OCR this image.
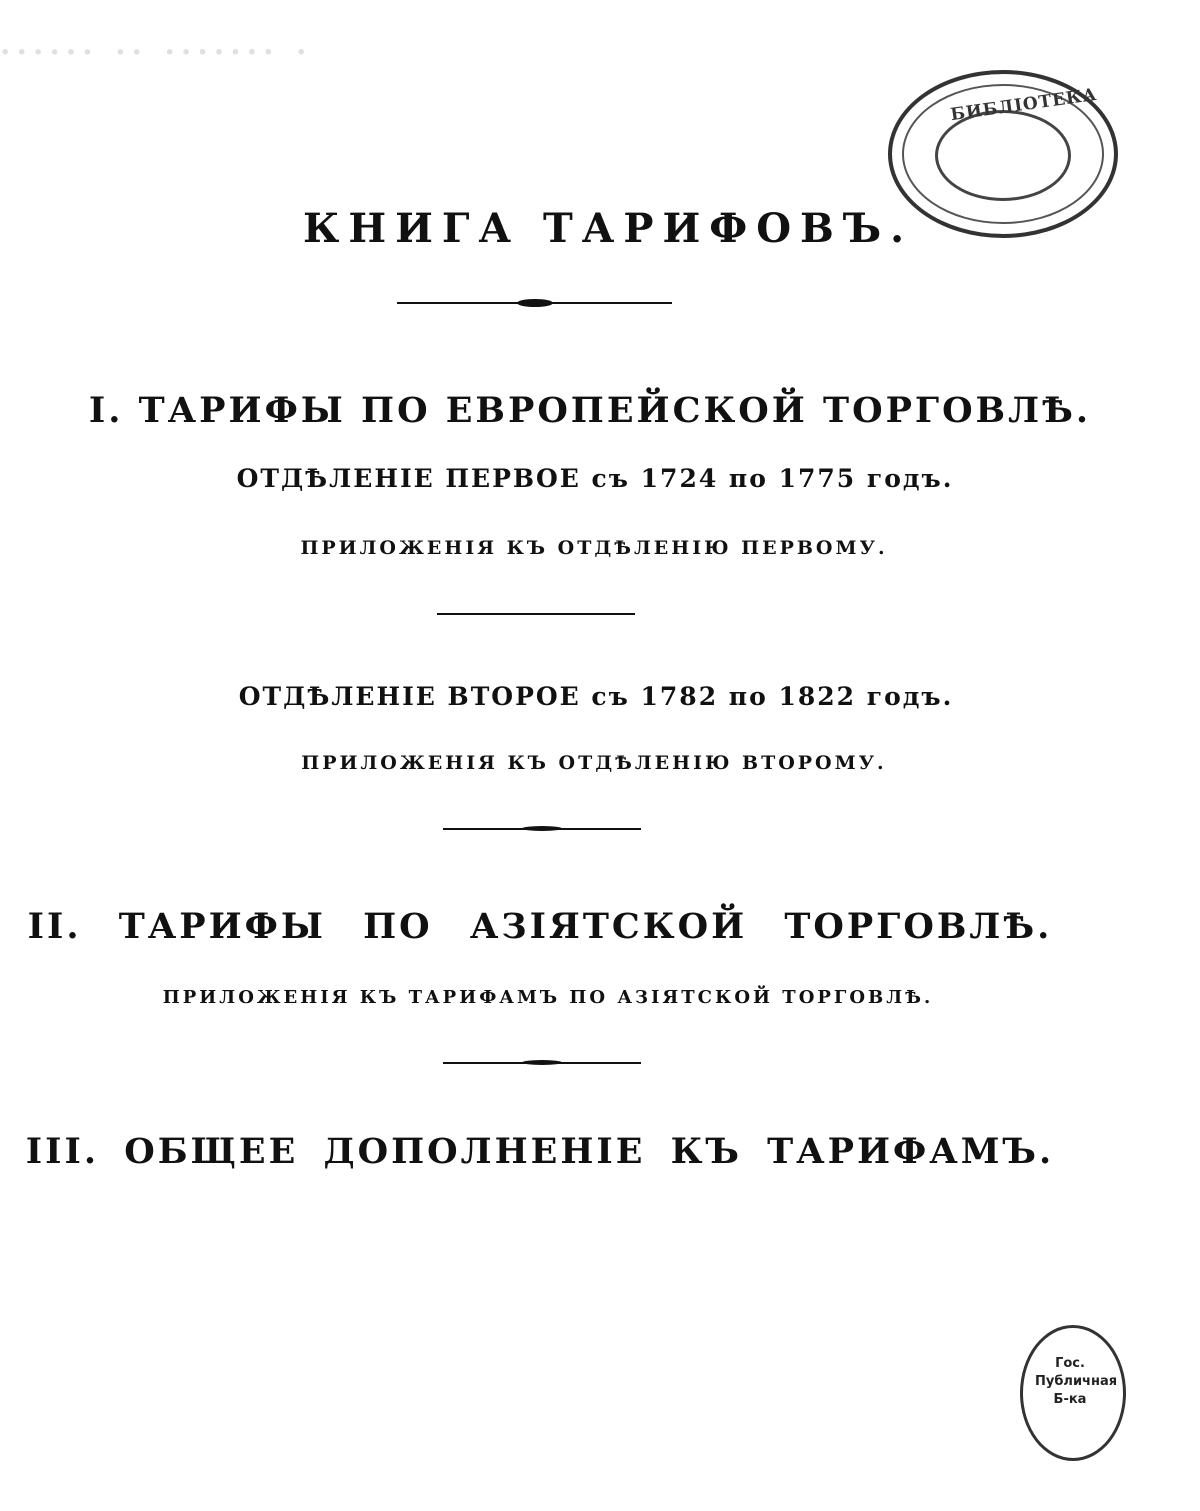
······ ·· ······· ·
БИБЛІОТЕКА
КНИГА ТАРИФОВЪ.
I. ТАРИФЫ ПО ЕВРОПЕЙСКОЙ ТОРГОВЛѢ.
ОТДѢЛЕНІЕ ПЕРВОЕ съ 1724 по 1775 годъ.
ПРИЛОЖЕНІЯ КЪ ОТДѢЛЕНІЮ ПЕРВОМУ.
ОТДѢЛЕНІЕ ВТОРОЕ съ 1782 по 1822 годъ.
ПРИЛОЖЕНІЯ КЪ ОТДѢЛЕНІЮ ВТОРОМУ.
II. ТАРИФЫ ПО АЗІЯТСКОЙ ТОРГОВЛѢ.
ПРИЛОЖЕНІЯ КЪ ТАРИФАМЪ ПО АЗІЯТСКОЙ ТОРГОВЛѢ.
III. ОБЩЕЕ ДОПОЛНЕНІЕ КЪ ТАРИФАМЪ.
Гос.
Публичная
Б-ка
